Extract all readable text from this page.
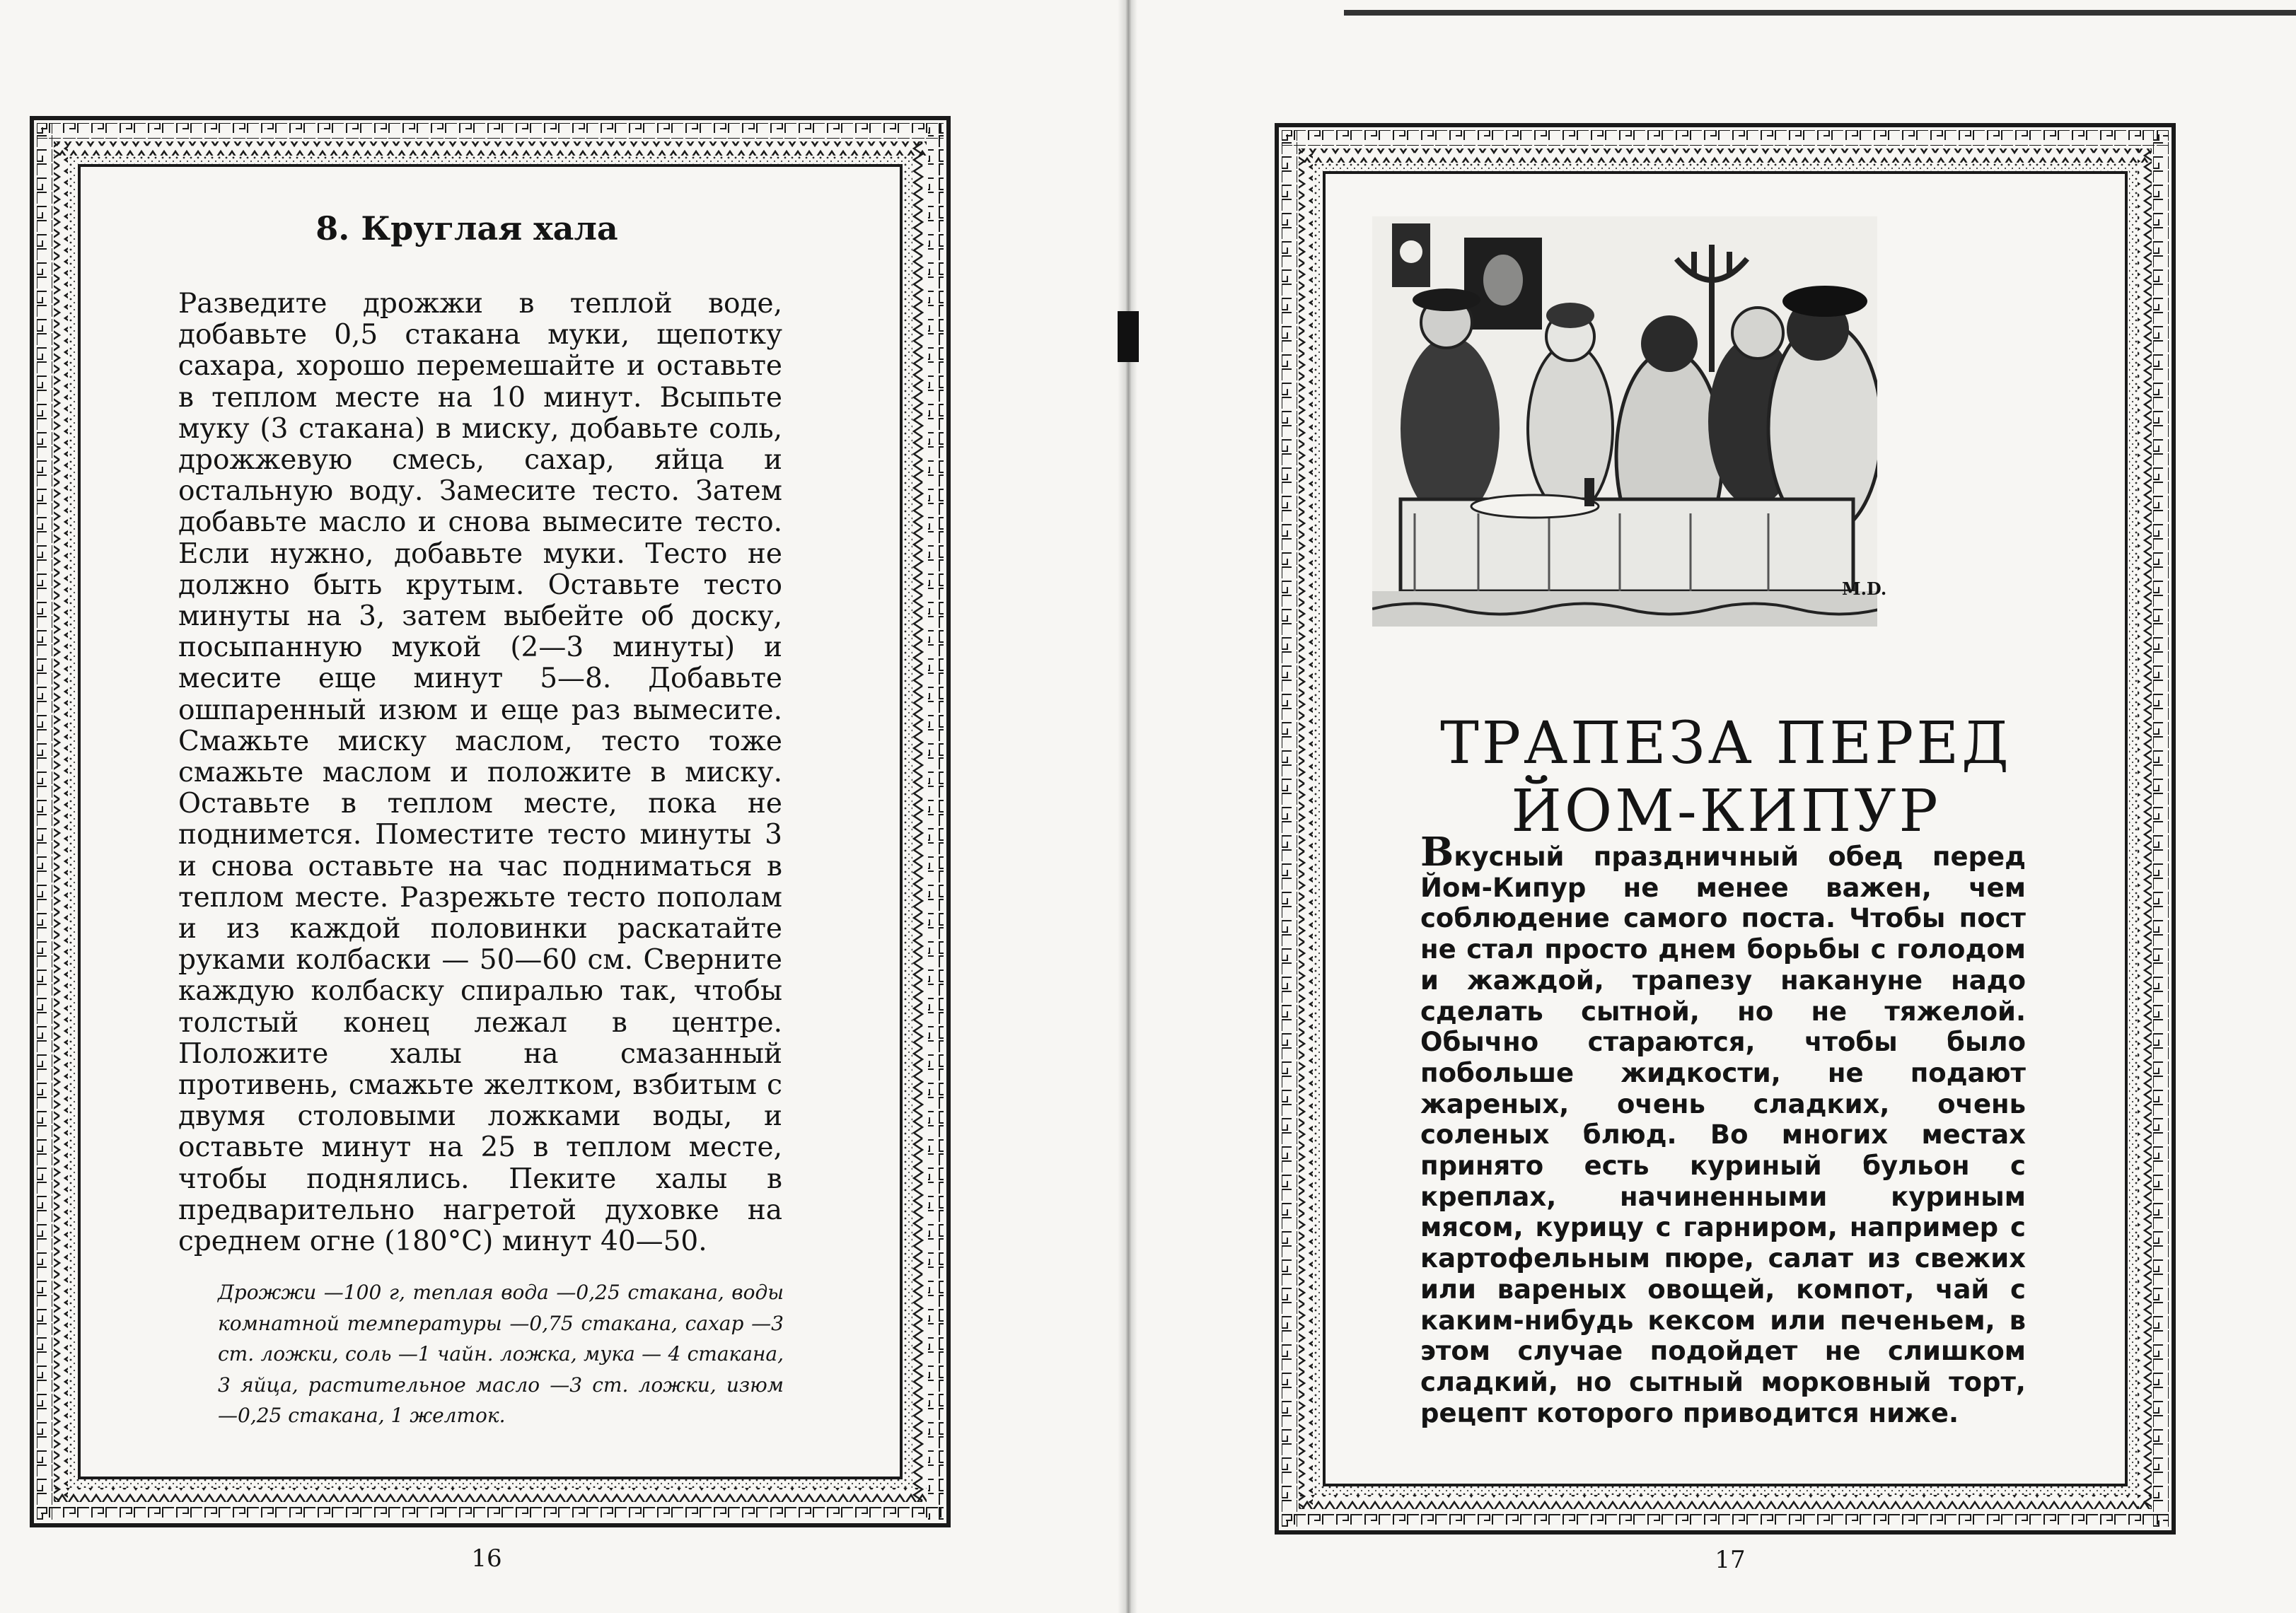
8. Круглая хала

Разведите дрожжи в теплой воде, добавьте 0,5 стакана муки, щепотку сахара, хорошо перемешайте и оставьте в теплом месте на 10 минут. Всыпьте муку (3 стакана) в миску, добавьте соль, дрожжевую смесь, сахар, яйца и остальную воду. Замесите тесто. Затем добавьте масло и снова вымесите тесто. Если нужно, добавьте муки. Тесто не должно быть крутым. Оставьте тесто минуты на 3, затем выбейте об доску, посыпанную мукой (2—3 минуты) и месите еще минут 5—8. Добавьте ошпаренный изюм и еще раз вымесите. Смажьте миску маслом, тесто тоже смажьте маслом и положите в миску. Оставьте в теплом месте, пока не поднимется. Поместите тесто минуты 3 и снова оставьте на час подниматься в теплом месте. Разрежьте тесто пополам и из каждой половинки раскатайте руками колбаски — 50—60 см. Сверните каждую колбаску спиралью так, чтобы толстый конец лежал в центре. Положите халы на смазанный противень, смажьте желтком, взбитым с двумя столовыми ложками воды, и оставьте минут на 25 в теплом месте, чтобы поднялись. Пеките халы в предварительно нагретой духовке на среднем огне (180°С) минут 40—50.

Дрожжи —100 г, теплая вода —0,25 стакана, воды комнатной температуры —0,75 стакана, сахар —3 ст. ложки, соль —1 чайн. ложка, мука — 4 стакана, 3 яйца, растительное масло —3 ст. ложки, изюм —0,25 стакана, 1 желток.

16

M.D.
ТРАПЕЗА ПЕРЕД
ЙОМ-КИПУР

Вкусный праздничный обед перед Йом-Кипур не менее важен, чем соблюдение самого поста. Чтобы пост не стал просто днем борьбы с голодом и жаждой, трапезу накануне надо сделать сытной, но не тяжелой. Обычно стараются, чтобы было побольше жидкости, не подают жареных, очень сладких, очень соленых блюд. Во многих местах принято есть куриный бульон с креплах, начиненными куриным мясом, курицу с гарниром, например с картофельным пюре, салат из свежих или вареных овощей, компот, чай с каким-нибудь кексом или печеньем, в этом случае подойдет не слишком сладкий, но сытный морковный торт, рецепт которого приводится ниже.

17
